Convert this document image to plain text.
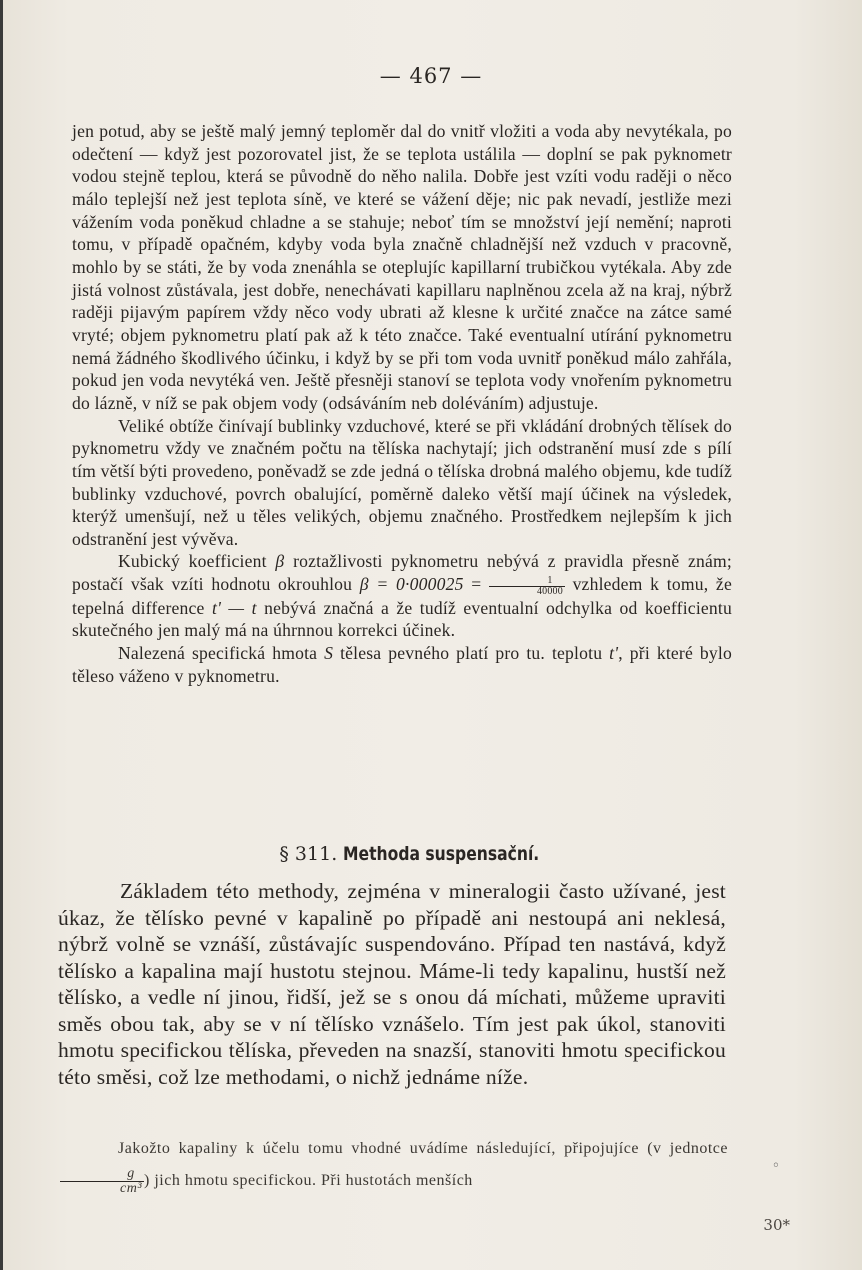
— 467 —

jen potud, aby se ještě malý jemný teploměr dal do vnitř vložiti a voda aby nevytékala, po odečtení — když jest pozorovatel jist, že se teplota ustálila — doplní se pak pyknometr vodou stejně teplou, která se původně do něho nalila. Dobře jest vzíti vodu raději o něco málo teplejší než jest teplota síně, ve které se vážení děje; nic pak nevadí, jestliže mezi vážením voda poněkud chladne a se stahuje; neboť tím se množství její nemění; naproti tomu, v případě opačném, kdyby voda byla značně chladnější než vzduch v pracovně, mohlo by se státi, že by voda znenáhla se oteplujíc kapillarní trubičkou vytékala. Aby zde jistá volnost zůstávala, jest dobře, nenechávati kapillaru naplněnou zcela až na kraj, nýbrž raději pijavým papírem vždy něco vody ubrati až klesne k určité značce na zátce samé vryté; objem pyknometru platí pak až k této značce. Také eventualní utírání pyknometru nemá žádného škodlivého účinku, i když by se při tom voda uvnitř poněkud málo zahřála, pokud jen voda nevytéká ven. Ještě přesněji stanoví se teplota vody vnořením pyknometru do lázně, v níž se pak objem vody (odsáváním neb doléváním) adjustuje.

Veliké obtíže činívají bublinky vzduchové, které se při vkládání drobných tělísek do pyknometru vždy ve značném počtu na tělíska nachytají; jich odstranění musí zde s pílí tím větší býti provedeno, poněvadž se zde jedná o tělíska drobná malého objemu, kde tudíž bublinky vzduchové, povrch obalující, poměrně daleko větší mají účinek na výsledek, kterýž umenšují, než u těles velikých, objemu značného. Prostředkem nejlepším k jich odstranění jest vývěva.

Kubický koefficient β roztažlivosti pyknometru nebývá z pravidla přesně znám; postačí však vzíti hodnotu okrouhlou $\beta = 0\cdot 000025 = \frac{1}{40000}$ vzhledem k tomu, že tepelná difference t' — t nebývá značná a že tudíž eventualní odchylka od koefficientu skutečného jen malý má na úhrnnou korrekci účinek.

Nalezená specifická hmota S tělesa pevného platí pro tu. teplotu t', při které bylo těleso váženo v pyknometru.

§ 311. Methoda suspensační.

Základem této methody, zejména v mineralogii často užívané, jest úkaz, že tělísko pevné v kapalině po případě ani nestoupá ani neklesá, nýbrž volně se vznáší, zůstávajíc suspendováno. Případ ten nastává, když tělísko a kapalina mají hustotu stejnou. Máme-li tedy kapalinu, hustší než tělísko, a vedle ní jinou, řidší, jež se s onou dá míchati, můžeme upraviti směs obou tak, aby se v ní tělísko vznášelo. Tím jest pak úkol, stanoviti hmotu specifickou tělíska, převeden na snazší, stanoviti hmotu specifickou této směsi, což lze methodami, o nichž jednáme níže.

Jakožto kapaliny k účelu tomu vhodné uvádíme následující, připojujíce (v jednotce
$\frac{g}{\text{cm³}}$ ) jich hmotu specifickou. Při hustotách menších

◦
30*
